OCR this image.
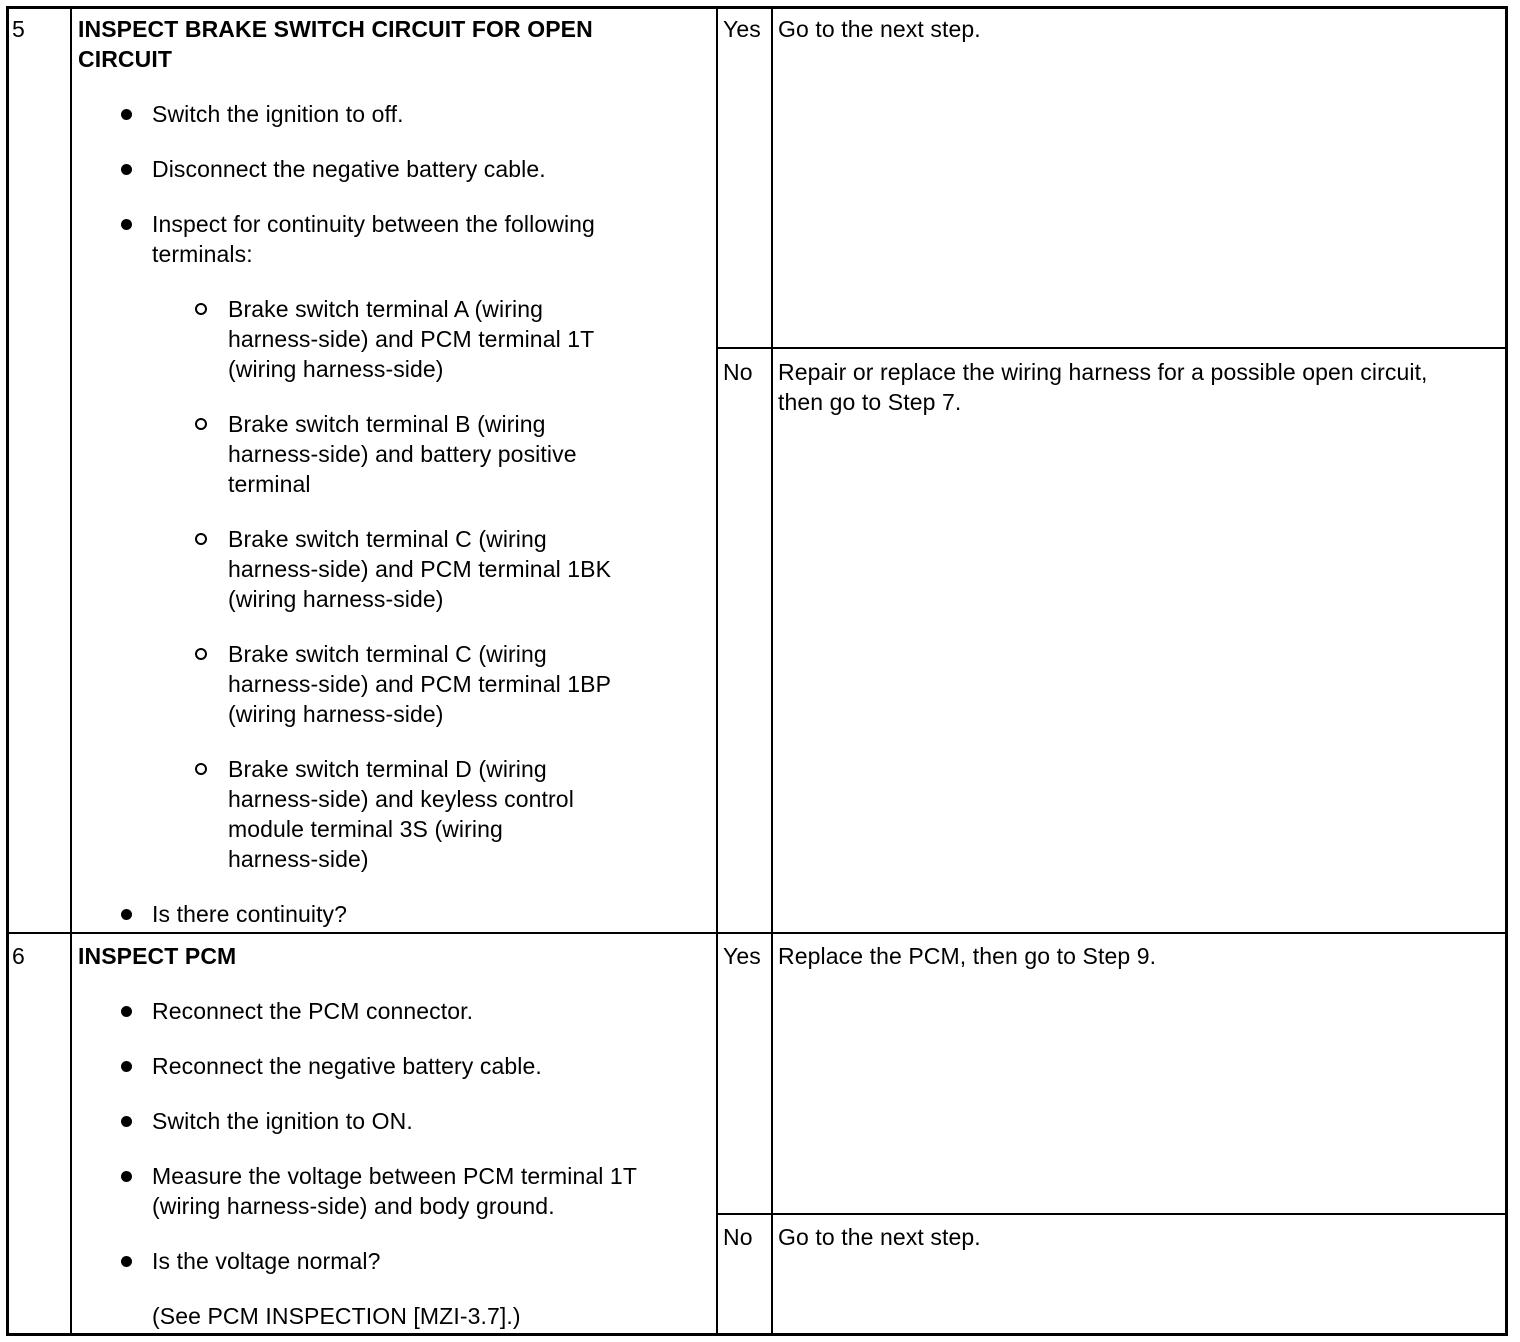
5 INSPECT BRAKE SWITCH CIRCUIT FOR OPEN
CIRCUIT
Switch the ignition to off.
Disconnect the negative battery cable.
Inspect for continuity between the following
terminals:
Brake switch terminal A (wiring
harness-side) and PCM terminal 1T
(wiring harness-side)
Brake switch terminal B (wiring
harness-side) and battery positive
terminal
Brake switch terminal C (wiring
harness-side) and PCM terminal 1BK
(wiring harness-side)
Brake switch terminal C (wiring
harness-side) and PCM terminal 1BP
(wiring harness-side)
Brake switch terminal D (wiring
harness-side) and keyless control
module terminal 3S (wiring
harness-side)
Is there continuity?
Yes Go to the next step.
No Repair or replace the wiring harness for a possible open circuit,
then go to Step 7.
6 INSPECT PCM
Reconnect the PCM connector.
Reconnect the negative battery cable.
Switch the ignition to ON.
Measure the voltage between PCM terminal 1T
(wiring harness-side) and body ground.
Is the voltage normal?
(See PCM INSPECTION [MZI-3.7].)
Yes Replace the PCM, then go to Step 9.
No Go to the next step.
